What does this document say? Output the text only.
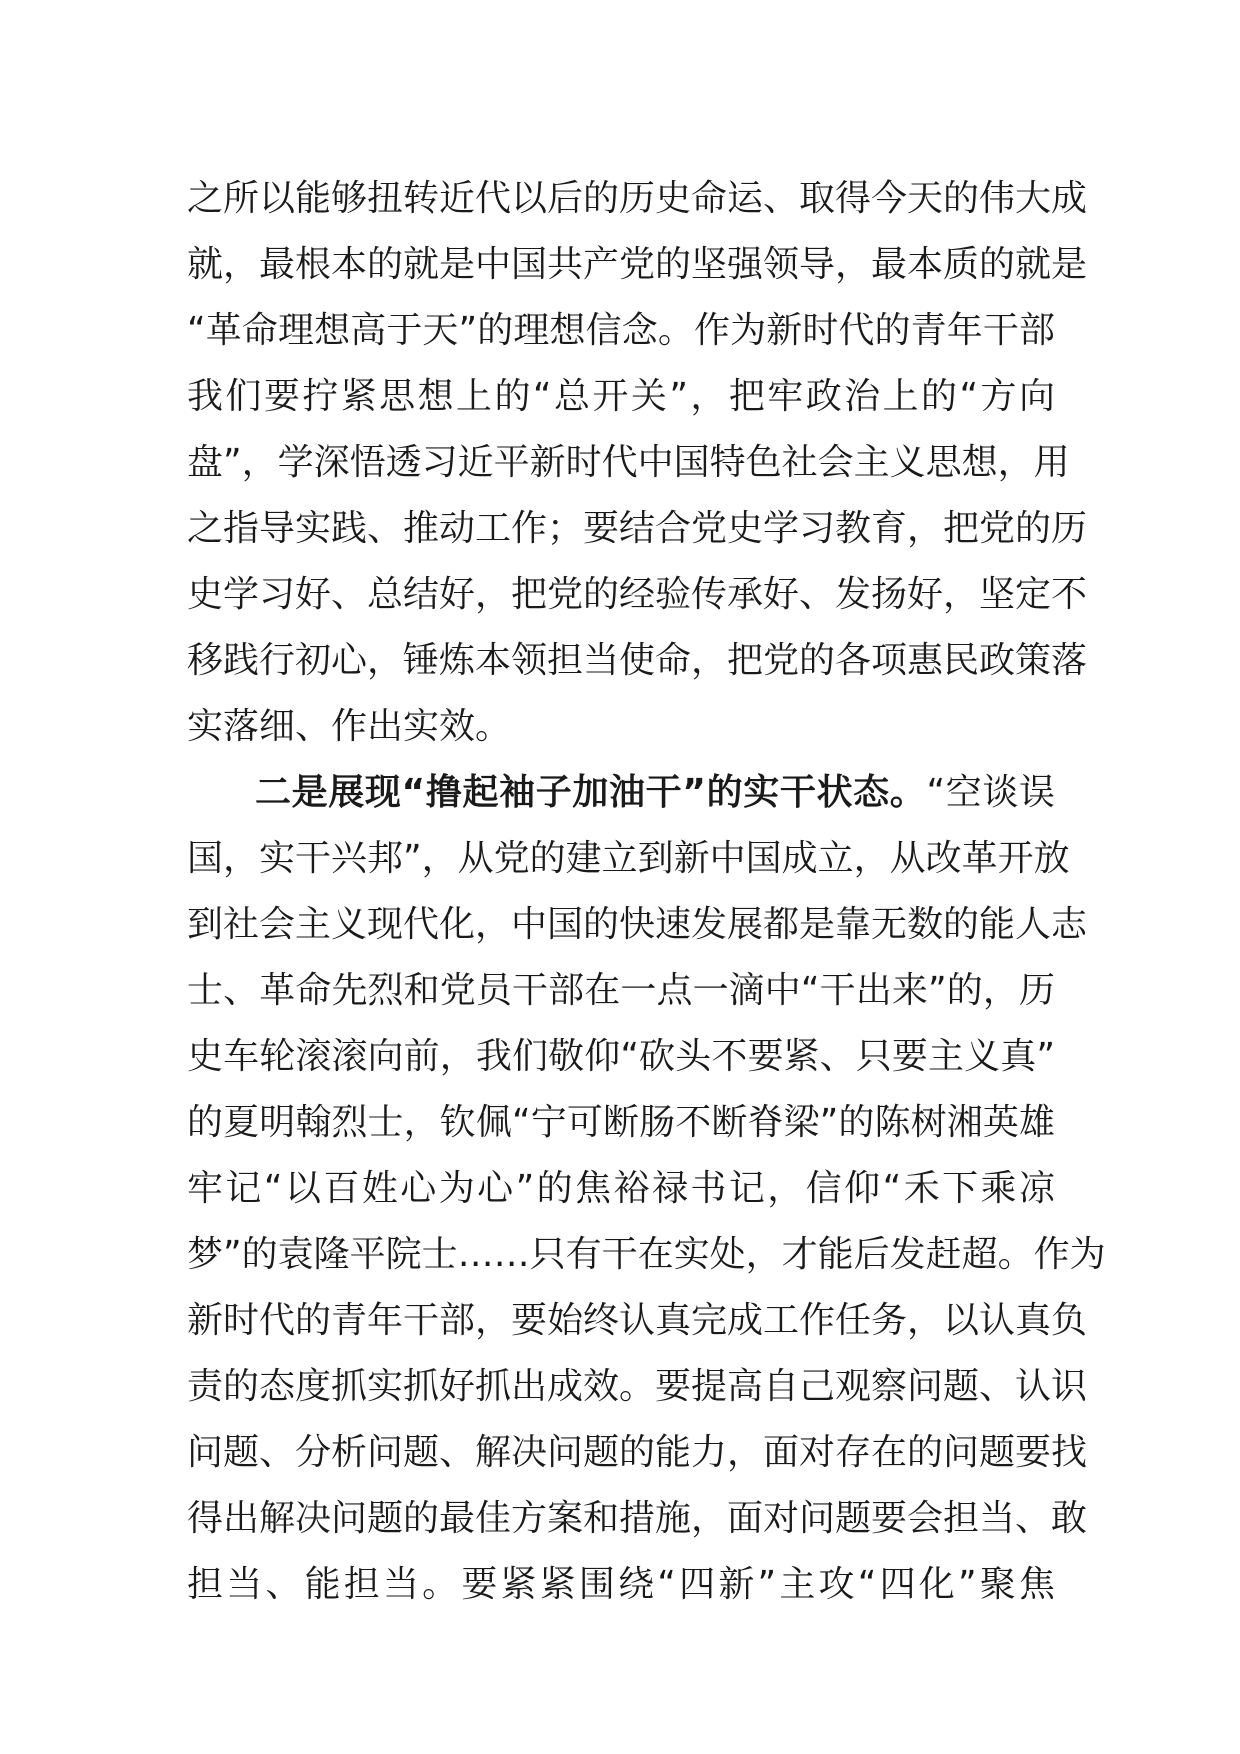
之所以能够扭转近代以后的历史命运、取得今天的伟大成
就，最根本的就是中国共产党的坚强领导，最本质的就是
“革命理想高于天”的理想信念。作为新时代的青年干部
我们要拧紧思想上的“总开关”，把牢政治上的“方向
盘”，学深悟透习近平新时代中国特色社会主义思想，用
之指导实践、推动工作；要结合党史学习教育，把党的历
史学习好、总结好，把党的经验传承好、发扬好，坚定不
移践行初心，锤炼本领担当使命，把党的各项惠民政策落
实落细、作出实效。
二是展现“撸起袖子加油干”的实干状态。“空谈误
国，实干兴邦”，从党的建立到新中国成立，从改革开放
到社会主义现代化，中国的快速发展都是靠无数的能人志
士、革命先烈和党员干部在一点一滴中“干出来”的，历
史车轮滚滚向前，我们敬仰“砍头不要紧、只要主义真”
的夏明翰烈士，钦佩“宁可断肠不断脊梁”的陈树湘英雄
牢记“以百姓心为心”的焦裕禄书记，信仰“禾下乘凉
梦”的袁隆平院士……只有干在实处，才能后发赶超。作为
新时代的青年干部，要始终认真完成工作任务，以认真负
责的态度抓实抓好抓出成效。要提高自己观察问题、认识
问题、分析问题、解决问题的能力，面对存在的问题要找
得出解决问题的最佳方案和措施，面对问题要会担当、敢
担当、能担当。要紧紧围绕“四新”主攻“四化”聚焦
